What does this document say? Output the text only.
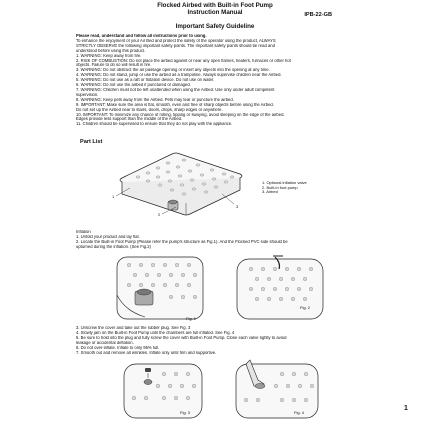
Flocked Airbed with Built-in Foot Pump
Instruction Manual	IPB-22-GB
Important Safety Guideline
Please read, understand and follow all instructions prior to using.
To enhance the enjoyment of your Air Bed and protect the safety of the operator using the product, ALWAYS
STRICTLY OBSERVE the following important safety points. The Important safety points should be read and
understood before using this product.
1. WARNING: Keep away from fire.
2. RISK OF COMBUSTION: Do not place the airbed against or near any open flames, heaters, furnaces or other hot
objects. Failure to do so will result in fire.
3. WARNING: Do not obstruct the air passage opening or insert any objects into the opening at any time.
4. WARNING: Do not stand, jump or use the airbed as a trampoline. Always supervise children near the Airbed.
5. WARNING: Do not use as a raft or flotation device. Do not use on water.
6. WARNING: Do not use the airbed if punctured or damaged.
7. WARNING: Children must not be left unattended when using the Airbed. Use only under adult competent
supervision.
8. WARNING: Keep pets away from the Airbed. Pets may tear or puncture the airbed.
9. IMPORTANT: Make sure the area is flat, smooth, even and free of sharp objects before using the Airbed.
Do not set up the Airbed near to stairs, doors, drops, sharp edges or anywhere.
10. IMPORTANT: To minimize any chance of rolling, tipping or swaying, avoid sleeping on the edge of the airbed.
Edges provide less support than the middle of the Airbed.
11. Children should be supervised to ensure that they do not play with the appliance.
Part List
1
2
3
1. Optional inflation valve
2. Built-in foot pump
3. Airbed
Inflation
1. Unfold your product and lay flat.
2. Locate the Built-in Foot Pump (Please refer the pump's structure as Fig.1). And the Flocked PVC side should be
upturned during the inflation. (See Fig.2)
Fig. 1
Fig. 2
3. Unscrew the cover and take out the rubber plug. See Fig. 3
4. Slowly jam on the Built-in Foot Pump until the chambers are full inflated. See Fig. 4
5. Be sure to hold into the plug and fully screw the cover with Built-in Foot Pump. Close each valve tightly to avoid
leakage or accidental deflation.
6. Do not over-inflate. Inflate to only 95% full.
7. Smooth out and remove all wrinkles. Inflate only until firm and supportive.
Fig. 3	Fig. 4
1
